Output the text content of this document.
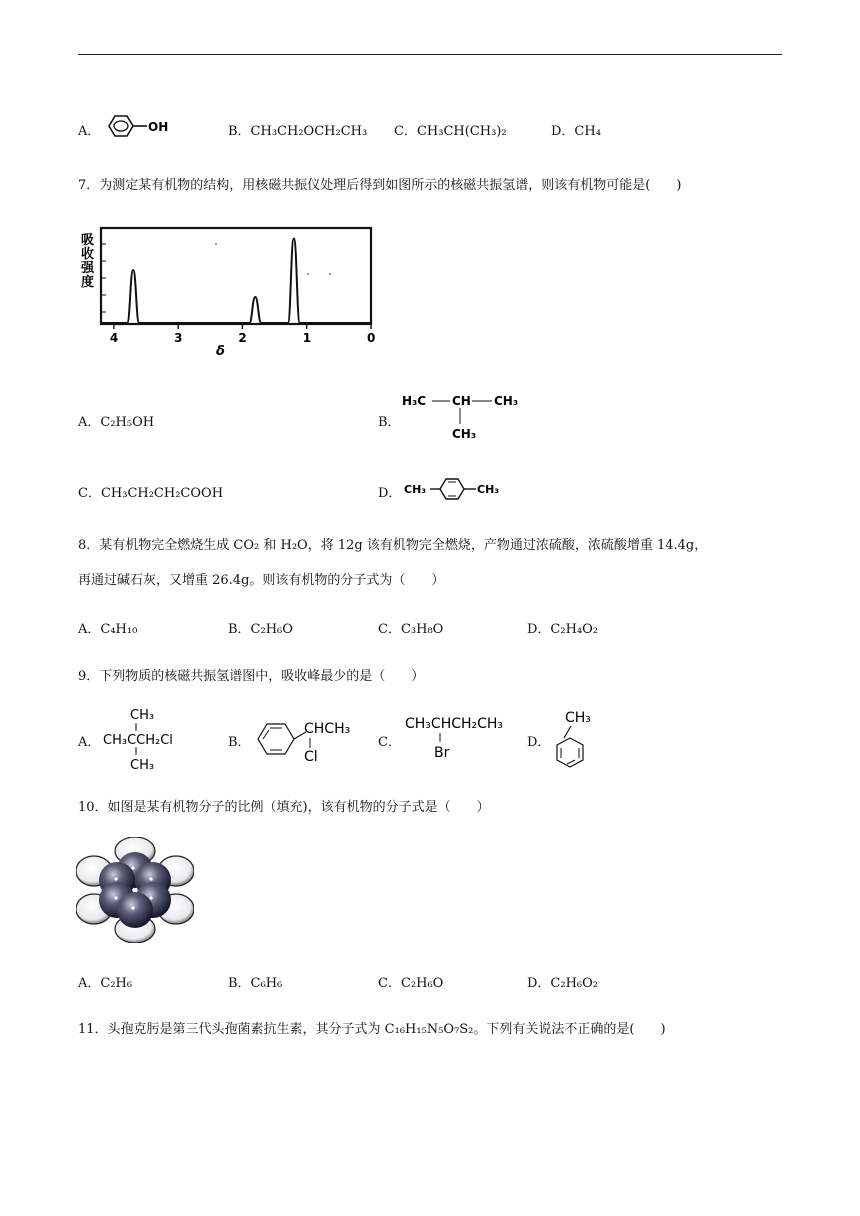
A．	OH	B．CH₃CH₂OCH₂CH₃ C．CH₃CH(CH₃)₂	D．CH₄
7．为测定某有机物的结构，用核磁共振仪处理后得到如图所示的核磁共振氢谱，则该有机物可能是(　　)
吸
收
强
度
4	3	2	1	0
δ
A．C₂H₅OH	B．
H₃C CH CH₃
CH₃
C．CH₃CH₂CH₂COOH	D． CH₃	CH₃
8．某有机物完全燃烧生成 CO₂ 和 H₂O，将 12g 该有机物完全燃烧，产物通过浓硫酸，浓硫酸增重 14.4g，
再通过碱石灰，又增重 26.4g。则该有机物的分子式为（　　）
A．C₄H₁₀	B．C₂H₆O	C．C₃H₈O	D．C₂H₄O₂
9．下列物质的核磁共振氢谱图中，吸收峰最少的是（　　）
A．
CH₃
CH₃CCH₂Cl
CH₃
B．
CHCH₃
Cl
C．
CH₃CHCH₂CH₃
Br
D．
CH₃
10．如图是某有机物分子的比例（填充)，该有机物的分子式是（　　）
A．C₂H₆	B．C₆H₆	C．C₂H₆O	D．C₂H₆O₂
11．头孢克肟是第三代头孢菌素抗生素，其分子式为 C₁₆H₁₅N₅O₇S₂。下列有关说法不正确的是(　　)
